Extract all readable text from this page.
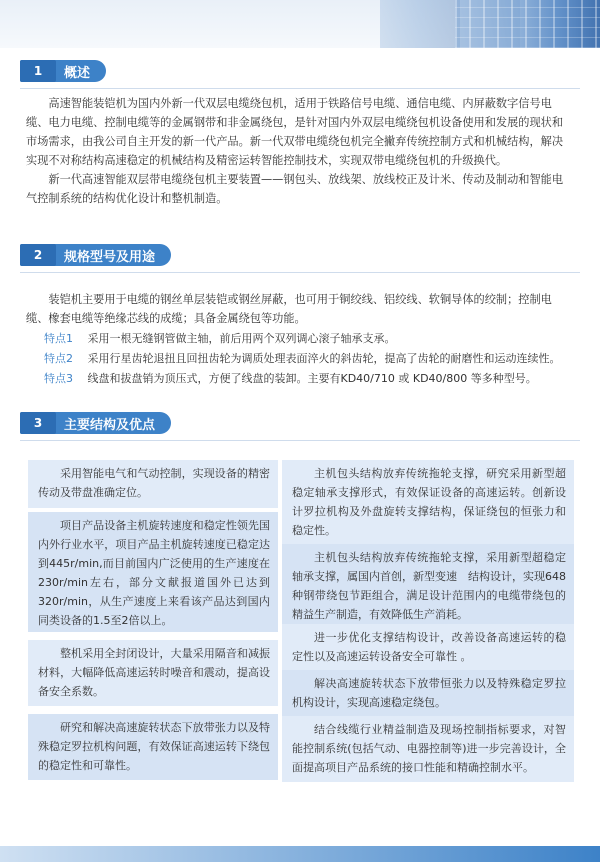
1	概述

高速智能装铠机为国内外新一代双层电缆绕包机，适用于铁路信号电缆、通信电缆、内屏蔽数字信号电缆、电力电缆、控制电缆等的金属钢带和非金属绕包，是针对国内外双层电缆绕包机设备使用和发展的现状和市场需求，由我公司自主开发的新一代产品。新一代双带电缆绕包机完全撇弃传统控制方式和机械结构，解决实现不对称结构高速稳定的机械结构及精密运转智能控制技术，实现双带电缆绕包机的升级换代。

新一代高速智能双层带电缆绕包机主要装置——钢包头、放线架、放线校正及计米、传动及制动和智能电气控制系统的结构优化设计和整机制造。

2	规格型号及用途

装铠机主要用于电缆的钢丝单层装铠或钢丝屏蔽，也可用于铜绞线、铝绞线、软铜导体的绞制；控制电缆、橡套电缆等绝缘芯线的成缆；具备金属绕包等功能。

特点1 采用一根无缝钢管做主轴，前后用两个双列调心滚子轴承支承。
特点2 采用行星齿轮退扭且回扭齿轮为调质处理表面淬火的斜齿轮，提高了齿轮的耐磨性和运动连续性。
特点3 线盘和拔盘销为顶压式，方便了线盘的装卸。主要有KD40/710 或 KD40/800 等多种型号。
3	主要结构及优点
采用智能电气和气动控制，实现设备的精密传动及带盘准确定位。
项目产品设备主机旋转速度和稳定性领先国内外行业水平，项目产品主机旋转速度已稳定达到445r/min,而目前国内广泛使用的生产速度在230r/min左右，部分文献报道国外已达到320r/min，从生产速度上来看该产品达到国内同类设备的1.5至2倍以上。
整机采用全封闭设计，大量采用隔音和减振材料，大幅降低高速运转时噪音和震动，提高设备安全系数。
研究和解决高速旋转状态下放带张力以及特殊稳定罗拉机构问题，有效保证高速运转下绕包的稳定性和可靠性。
主机包头结构放弃传统拖轮支撑，研究采用新型超稳定轴承支撑形式，有效保证设备的高速运转。创新设计罗拉机构及外盘旋转支撑结构，保证绕包的恒张力和稳定性。
主机包头结构放弃传统拖轮支撑，采用新型超稳定轴承支撑，属国内首创，新型变速　结构设计，实现648种钢带绕包节距组合，满足设计范围内的电缆带绕包的精益生产制造，有效降低生产消耗。
进一步优化支撑结构设计，改善设备高速运转的稳定性以及高速运转设备安全可靠性 。
解决高速旋转状态下放带恒张力以及特殊稳定罗拉机构设计，实现高速稳定绕包。
结合线缆行业精益制造及现场控制指标要求，对智能控制系统(包括气动、电器控制等)进一步完善设计，全面提高项目产品系统的接口性能和精确控制水平。
